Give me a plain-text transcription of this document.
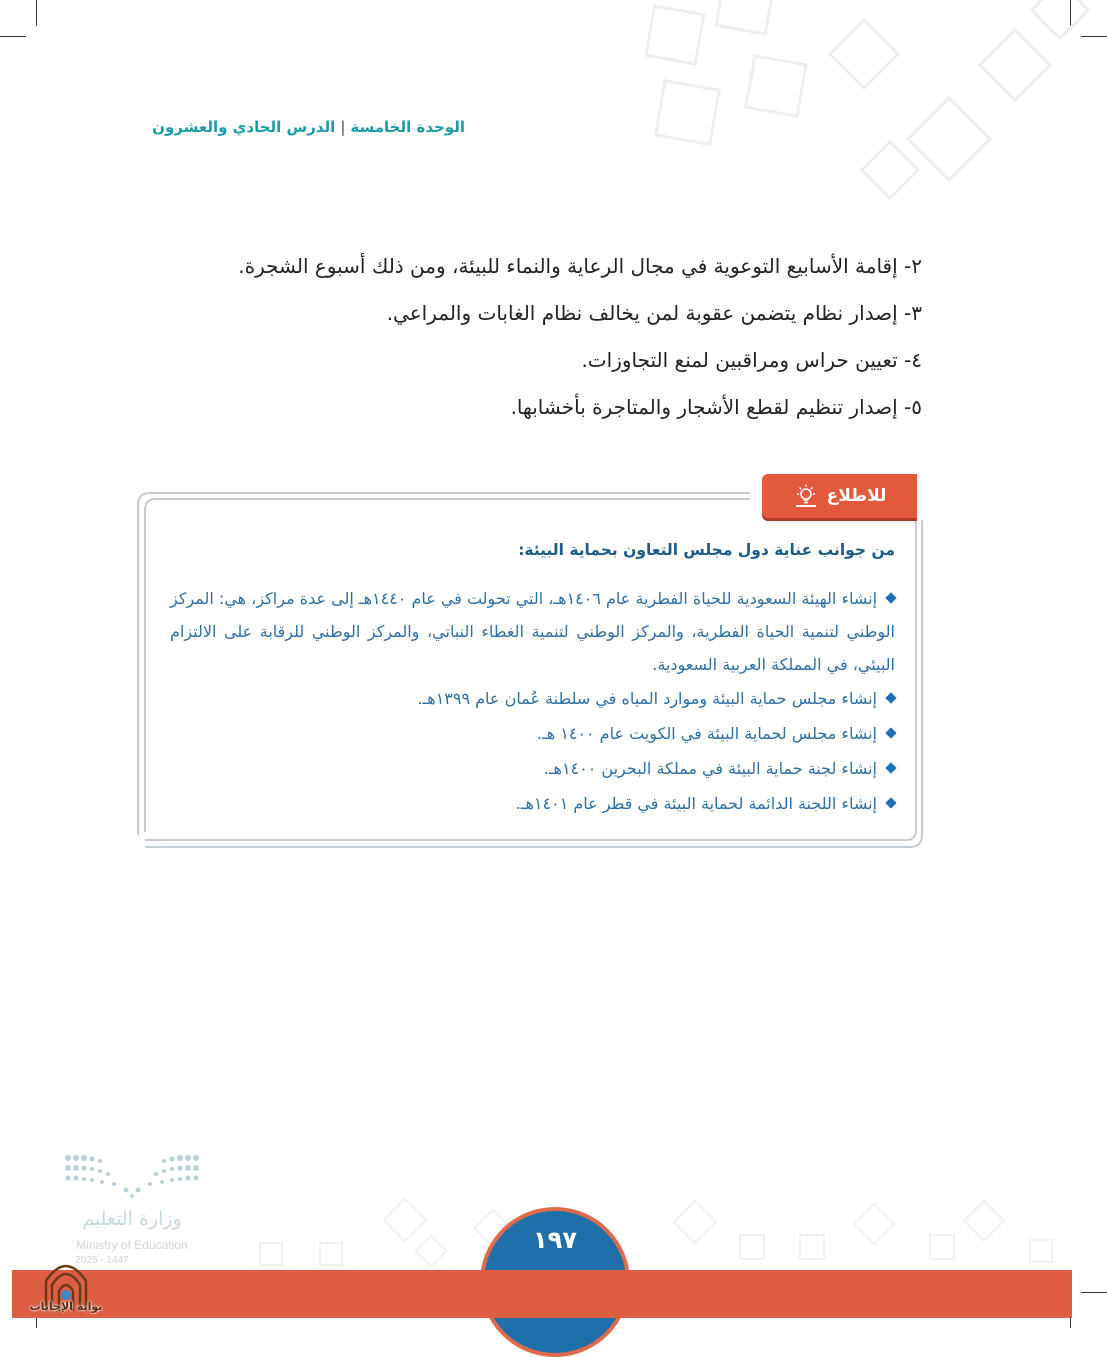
الوحدة الخامسة|الدرس الحادي والعشرون
٢- إقامة الأسابيع التوعوية في مجال الرعاية والنماء للبيئة، ومن ذلك أسبوع الشجرة.
٣- إصدار نظام يتضمن عقوبة لمن يخالف نظام الغابات والمراعي.
٤- تعيين حراس ومراقبين لمنع التجاوزات.
٥- إصدار تنظيم لقطع الأشجار والمتاجرة بأخشابها.
للاطلاع
من جوانب عناية دول مجلس التعاون بحماية البيئة:

إنشاء الهيئة السعودية للحياة الفطرية عام ١٤٠٦هـ، التي تحولت في عام ١٤٤٠هـ إلى عدة مراكز، هي: المركز الوطني لتنمية الحياة الفطرية، والمركز الوطني لتنمية الغطاء النباتي، والمركز الوطني للرقابة على الالتزام البيئي، في المملكة العربية السعودية.

إنشاء مجلس حماية البيئة وموارد المياه في سلطنة عُمان عام ١٣٩٩هـ.

إنشاء مجلس لحماية البيئة في الكويت عام ١٤٠٠ هـ.

إنشاء لجنة حماية البيئة في مملكة البحرين ١٤٠٠هـ.

إنشاء اللجنة الدائمة لحماية البيئة في قطر عام ١٤٠١هـ.

وزارة التعليم
Ministry of Education
2025 - 1447
١٩٧
بوابة الإجابات
